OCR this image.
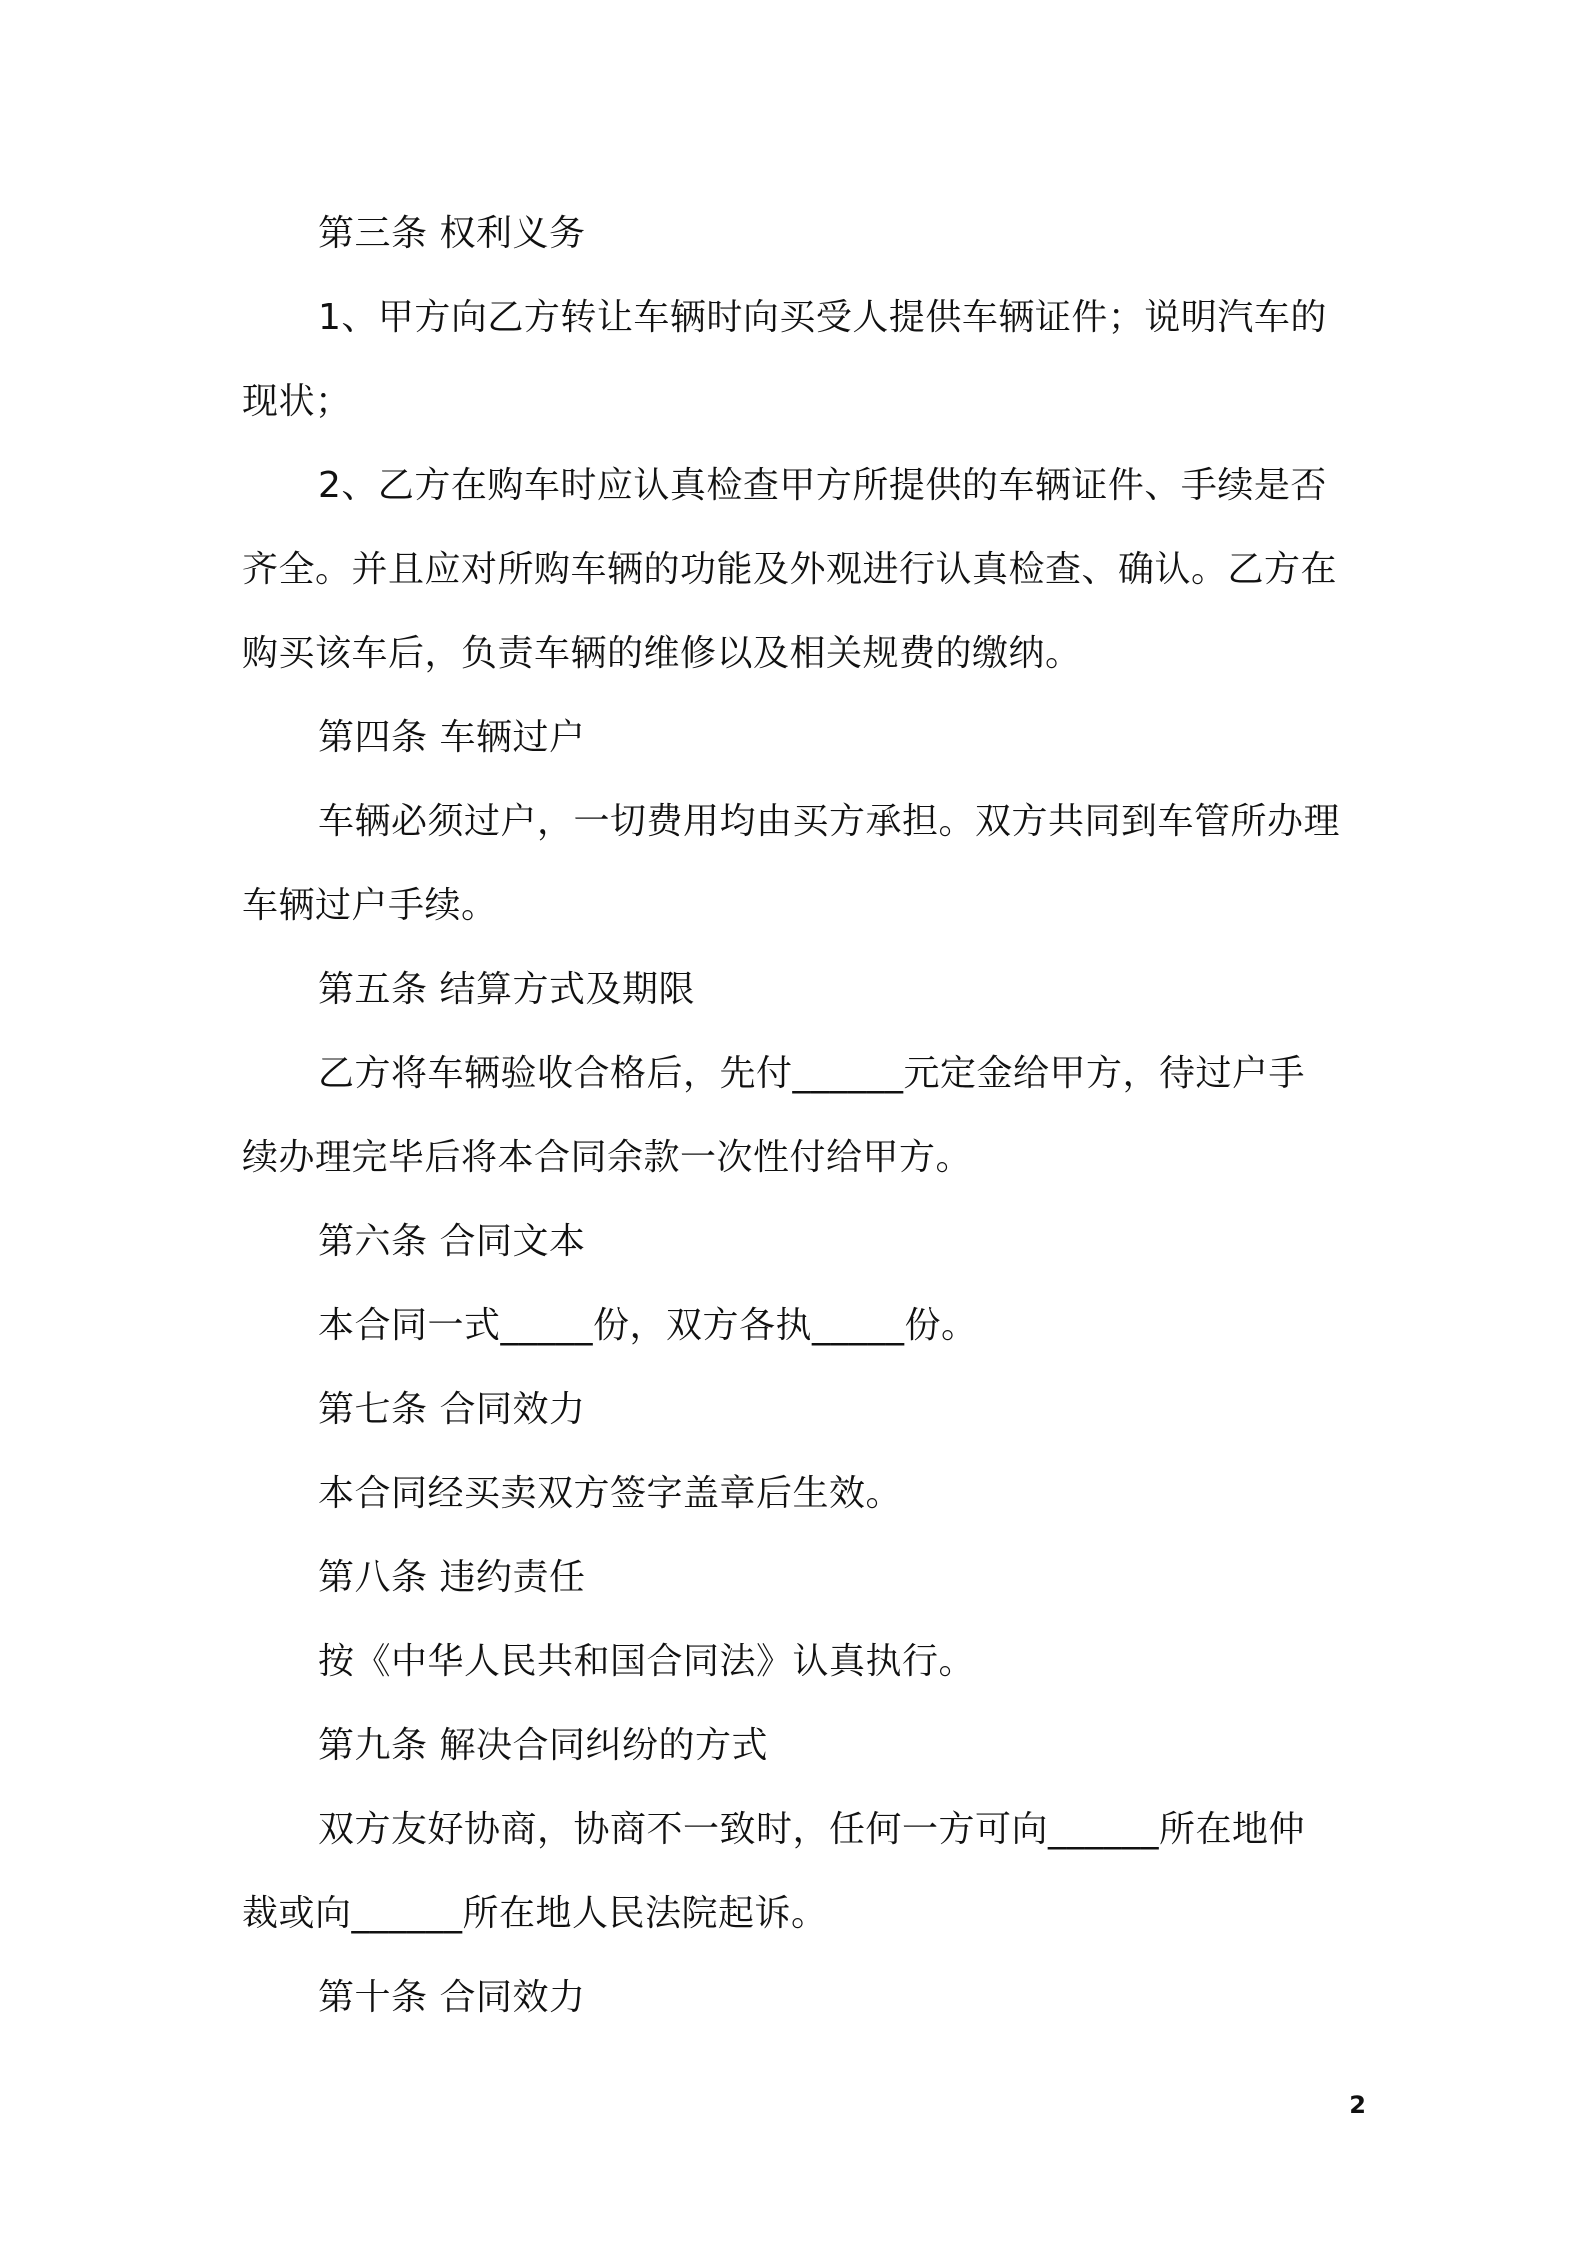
第三条 权利义务
1、甲方向乙方转让车辆时向买受人提供车辆证件；说明汽车的
现状；
2、乙方在购车时应认真检查甲方所提供的车辆证件、手续是否
齐全。并且应对所购车辆的功能及外观进行认真检查、确认。乙方在
购买该车后，负责车辆的维修以及相关规费的缴纳。
第四条 车辆过户
车辆必须过户，一切费用均由买方承担。双方共同到车管所办理
车辆过户手续。
第五条 结算方式及期限
乙方将车辆验收合格后，先付______元定金给甲方，待过户手
续办理完毕后将本合同余款一次性付给甲方。
第六条 合同文本
本合同一式_____份，双方各执_____份。
第七条 合同效力
本合同经买卖双方签字盖章后生效。
第八条 违约责任
按《中华人民共和国合同法》认真执行。
第九条 解决合同纠纷的方式
双方友好协商，协商不一致时，任何一方可向______所在地仲
裁或向______所在地人民法院起诉。
第十条 合同效力
2
